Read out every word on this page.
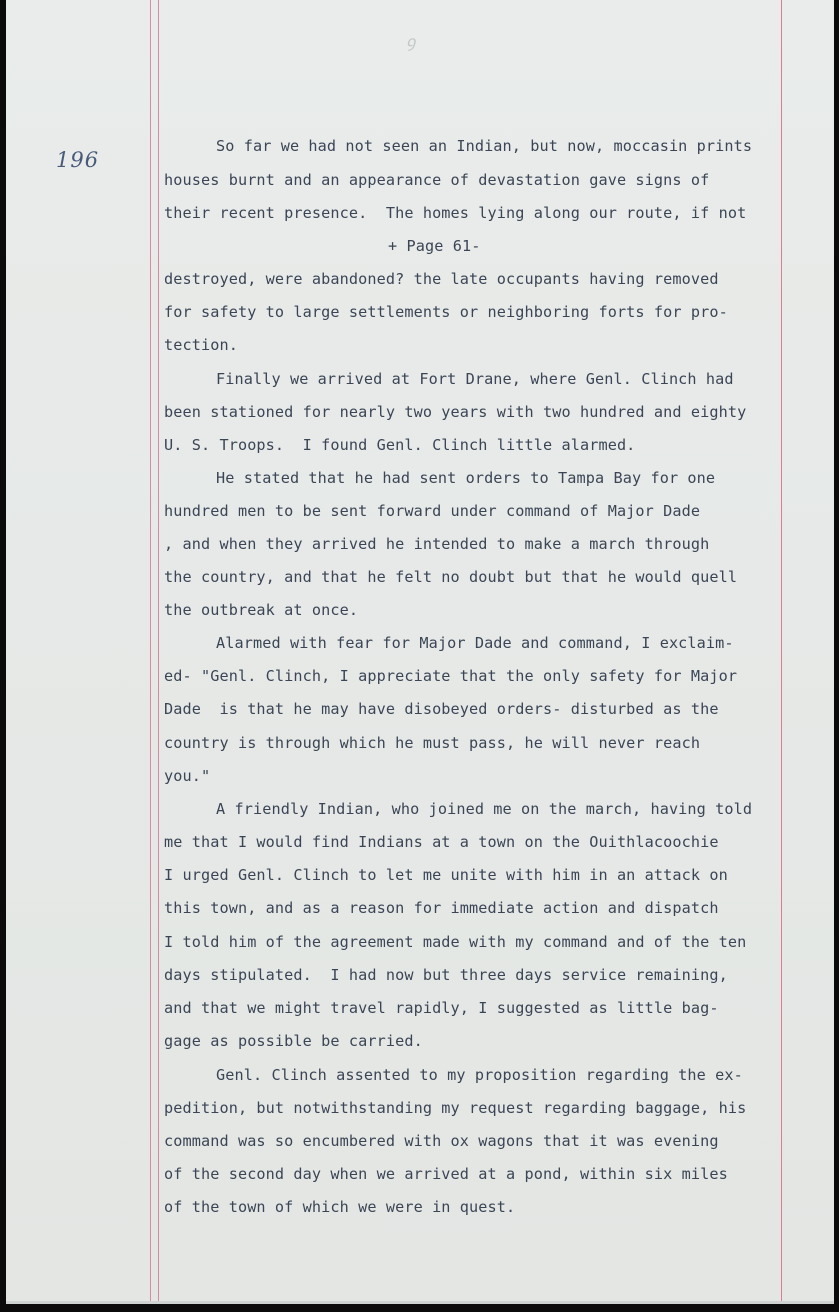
ꝯ
196

So far we had not seen an Indian, but now, moccasin prints

houses burnt and an appearance of devastation gave signs of

their recent presence.  The homes lying along our route, if not

+ Page 61-

destroyed, were abandoned? the late occupants having removed

for safety to large settlements or neighboring forts for pro-

tection.

Finally we arrived at Fort Drane, where Genl. Clinch had

been stationed for nearly two years with two hundred and eighty

U. S. Troops.  I found Genl. Clinch little alarmed.

He stated that he had sent orders to Tampa Bay for one

hundred men to be sent forward under command of Major Dade

, and when they arrived he intended to make a march through

the country, and that he felt no doubt but that he would quell

the outbreak at once.

Alarmed with fear for Major Dade and command, I exclaim-

ed- "Genl. Clinch, I appreciate that the only safety for Major

Dade  is that he may have disobeyed orders- disturbed as the

country is through which he must pass, he will never reach

you."

A friendly Indian, who joined me on the march, having told

me that I would find Indians at a town on the Ouithlacoochie

I urged Genl. Clinch to let me unite with him in an attack on

this town, and as a reason for immediate action and dispatch

I told him of the agreement made with my command and of the ten

days stipulated.  I had now but three days service remaining,

and that we might travel rapidly, I suggested as little bag-

gage as possible be carried.

Genl. Clinch assented to my proposition regarding the ex-

pedition, but notwithstanding my request regarding baggage, his

command was so encumbered with ox wagons that it was evening

of the second day when we arrived at a pond, within six miles

of the town of which we were in quest.
